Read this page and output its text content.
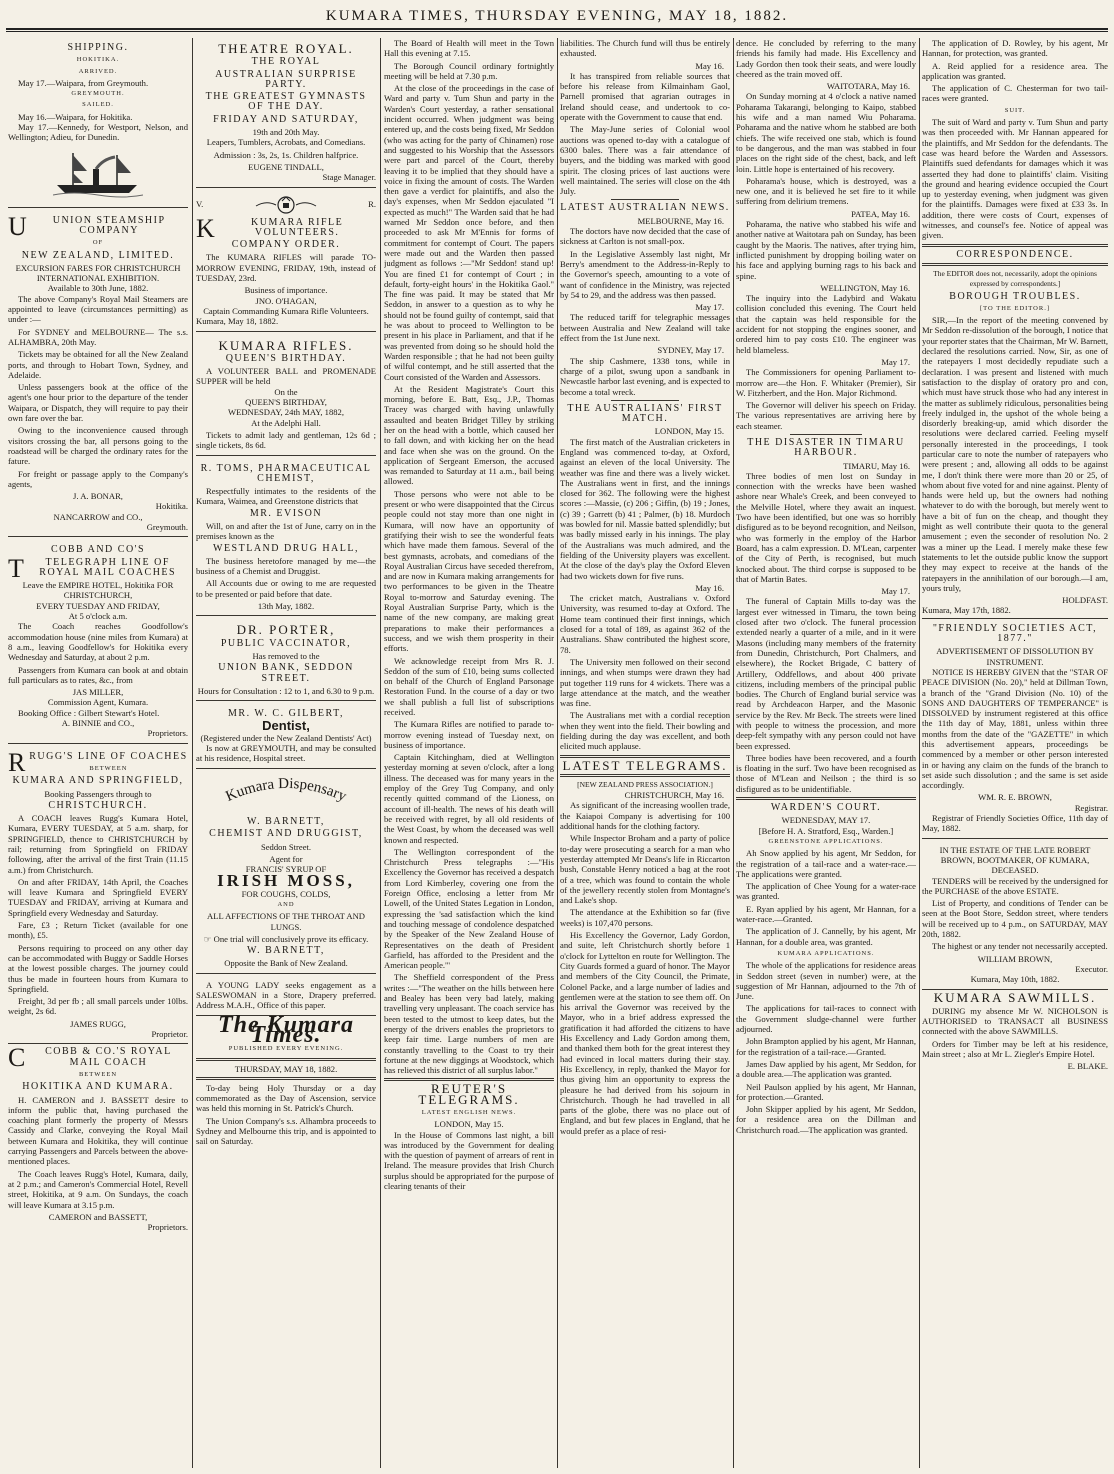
KUMARA TIMES, THURSDAY EVENING, MAY 18, 1882.
SHIPPING.
HOKITIKA.
ARRIVED.
May 17.—Waipara, from Greymouth.
GREYMOUTH.
SAILED.
May 16.—Waipara, for Hokitika.
May 17.—Kennedy, for Westport, Nelson, and Wellington; Adieu, for Dunedin.
U UNION STEAMSHIP COMPANY
OF
NEW ZEALAND, LIMITED.
EXCURSION FARES FOR CHRISTCHURCH INTERNATIONAL EXHIBITION.
Available to 30th June, 1882.
The above Company's Royal Mail Steamers are appointed to leave (circumstances permitting) as under :—
For SYDNEY and MELBOURNE— The s.s. ALHAMBRA, 20th May.
Tickets may be obtained for all the New Zealand ports, and through to Hobart Town, Sydney, and Adelaide.
Unless passengers book at the office of the agent's one hour prior to the departure of the tender Waipara, or Dispatch, they will require to pay their own fare over the bar.
Owing to the inconvenience caused through visitors crossing the bar, all persons going to the roadstead will be charged the ordinary rates for the fature.
For freight or passage apply to the Company's agents,
J. A. BONAR,
Hokitika.
NANCARROW and CO.,
Greymouth.
COBB AND CO'S
T TELEGRAPH LINE OF ROYAL MAIL COACHES
Leave the EMPIRE HOTEL, Hokitika FOR CHRISTCHURCH,
EVERY TUESDAY AND FRIDAY,
At 5 o'clock a.m.
The Coach reaches Goodfollow's accommodation house (nine miles from Kumara) at 8 a.m., leaving Goodfellow's for Hokitika every Wednesday and Saturday, at about 2 p.m.
Passengers from Kumara can book at and obtain full particulars as to rates, &c., from
JAS MILLER,
Commission Agent, Kumara.
Booking Office : Gilbert Stewart's Hotel.
A. BINNIE and CO.,
Proprietors.
RRUGG'S LINE OF COACHES
BETWEEN
KUMARA AND SPRINGFIELD,
Booking Passengers through to
CHRISTCHURCH.
A COACH leaves Rugg's Kumara Hotel, Kumara, EVERY TUESDAY, at 5 a.m. sharp, for SPRINGFIELD, thence to CHRISTCHURCH by rail; returning from Springfield on FRIDAY following, after the arrival of the first Train (11.15 a.m.) from Christchurch.
On and after FRIDAY, 14th April, the Coaches will leave Kumara and Springfield EVERY TUESDAY and FRIDAY, arriving at Kumara and Springfield every Wednesday and Saturday.
Fare, £3 ; Return Ticket (available for one month), £5.
Persons requiring to proceed on any other day can be accommodated with Buggy or Saddle Horses at the lowest possible charges. The journey could thus be made in fourteen hours from Kumara to Springfield.
Freight, 3d per fb ; all small parcels under 10lbs. weight, 2s 6d.
JAMES RUGG,
Proprietor.
C COBB & CO.'S ROYAL MAIL COACH
BETWEEN
HOKITIKA AND KUMARA.
H. CAMERON and J. BASSETT desire to inform the public that, having purchased the coaching plant formerly the property of Messrs Cassidy and Clarke, conveying the Royal Mail between Kumara and Hokitika, they will continue carrying Passengers and Parcels between the above-mentioned places.
The Coach leaves Rugg's Hotel, Kumara, daily, at 2 p.m.; and Cameron's Commercial Hotel, Revell street, Hokitika, at 9 a.m. On Sundays, the coach will leave Kumara at 3.15 p.m.
CAMERON and BASSETT,
Proprietors.
THEATRE ROYAL.
THE ROYAL
AUSTRALIAN SURPRISE PARTY.
THE GREATEST GYMNASTS OF THE DAY.
FRIDAY AND SATURDAY,
19th and 20th May.
Leapers, Tumblers, Acrobats, and Comedians.
Admission : 3s, 2s, 1s. Children halfprice.
EUGENE TINDALL,
Stage Manager.
V.	R.
K	KUMARA RIFLE VOLUNTEERS.
COMPANY ORDER.
The KUMARA RIFLES will parade TO-MORROW EVENING, FRIDAY, 19th, instead of TUESDAY, 23rd.
Business of importance.
JNO. O'HAGAN,
Captain Commanding Kumara Rifle Volunteers.
Kumara, May 18, 1882.
KUMARA RIFLES.
QUEEN'S BIRTHDAY.
A VOLUNTEER BALL and PROMENADE SUPPER will be held
On the
QUEEN'S BIRTHDAY,
WEDNESDAY, 24th MAY, 1882,
At the Adelphi Hall.
Tickets to admit lady and gentleman, 12s 6d ; single tickets, 8s 6d.
R. TOMS, PHARMACEUTICAL CHEMIST,
Respectfully intimates to the residents of the Kumara, Waimea, and Greenstone districts that
MR. EVISON
Will, on and after the 1st of June, carry on in the premises known as the
WESTLAND DRUG HALL,
The business heretofore managed by me—the business of a Chemist and Druggist.
All Accounts due or owing to me are requested to be presented or paid before that date.
13th May, 1882.
DR. PORTER,
PUBLIC VACCINATOR,
Has removed to the
UNION BANK, SEDDON STREET.
Hours for Consultation : 12 to 1, and 6.30 to 9 p.m.
MR. W. C. GILBERT,
Dentist,
(Registered under the New Zealand Dentists' Act)
Is now at GREYMOUTH, and may be consulted at his residence, Hospital street.
Kumara Dispensary
W. BARNETT,
CHEMIST AND DRUGGIST,
Seddon Street.
Agent for
FRANCIS' SYRUP OF
IRISH MOSS,
FOR COUGHS, COLDS,
AND
ALL AFFECTIONS OF THE THROAT AND LUNGS.
☞ One trial will conclusively prove its efficacy.
W. BARNETT,
Opposite the Bank of New Zealand.
A YOUNG LADY seeks engagement as a SALESWOMAN in a Store, Drapery preferred. Address M.A.H., Office of this paper.
The Kumara Times.
PUBLISHED EVERY EVENING.
THURSDAY, MAY 18, 1882.
To-day being Holy Thursday or a day commemorated as the Day of Ascension, service was held this morning in St. Patrick's Church.
The Union Company's s.s. Alhambra proceeds to Sydney and Melbourne this trip, and is appointed to sail on Saturday.
The Board of Health will meet in the Town Hall this evening at 7.15.
The Borough Council ordinary fortnightly meeting will be held at 7.30 p.m.
At the close of the proceedings in the case of Ward and party v. Tum Shun and party in the Warden's Court yesterday, a rather sensational incident occurred. When judgment was being entered up, and the costs being fixed, Mr Seddon (who was acting for the party of Chinamen) rose and suggested to his Worship that the Assessors were part and parcel of the Court, thereby leaving it to be implied that they should have a voice in fixing the amount of costs. The Warden then gave a verdict for plaintiffs, and also the day's expenses, when Mr Seddon ejaculated "I expected as much!" The Warden said that he had warned Mr Seddon once before, and then proceeded to ask Mr M'Ennis for forms of commitment for contempt of Court. The papers were made out and the Warden then passed judgment as follows :—"Mr Seddon! stand up! You are fined £1 for contempt of Court ; in default, forty-eight hours' in the Hokitika Gaol." The fine was paid. It may be stated that Mr Seddon, in answer to a question as to why he should not be found guilty of contempt, said that he was about to proceed to Wellington to be present in his place in Parliament, and that if he was prevented from doing so he should hold the Warden responsible ; that he had not been guilty of wilful contempt, and he still asserted that the Court consisted of the Warden and Assessors.
At the Resident Magistrate's Court this morning, before E. Batt, Esq., J.P., Thomas Tracey was charged with having unlawfully assaulted and beaten Bridget Tilley by striking her on the head with a bottle, which caused her to fall down, and with kicking her on the head and face when she was on the ground. On the application of Sergeant Emerson, the accused was remanded to Saturday at 11 a.m., bail being allowed.
Those persons who were not able to be present or who were disappointed that the Circus people could not stay more than one night in Kumara, will now have an opportunity of gratifying their wish to see the wonderful feats which have made them famous. Several of the best gymnasts, acrobats, and comedians of the Royal Australian Circus have seceded therefrom, and are now in Kumara making arrangements for two performances to be given in the Theatre Royal to-morrow and Saturday evening. The Royal Australian Surprise Party, which is the name of the new company, are making great preparations to make their performances a success, and we wish them prosperity in their efforts.
We acknowledge receipt from Mrs R. J. Seddon of the sum of £10, being sums collected on behalf of the Church of England Parsonage Restoration Fund. In the course of a day or two we shall publish a full list of subscriptions received.
The Kumara Rifles are notified to parade to-morrow evening instead of Tuesday next, on business of importance.
Captain Kitchingham, died at Wellington yesterday morning at seven o'clock, after a long illness. The deceased was for many years in the employ of the Grey Tug Company, and only recently quitted command of the Lioness, on account of ill-health. The news of his death will be received with regret, by all old residents of the West Coast, by whom the deceased was well known and respected.
The Wellington correspondent of the Christchurch Press telegraphs :—"His Excellency the Governor has received a despatch from Lord Kimberley, covering one from the Foreign Office, enclosing a letter from Mr Lowell, of the United States Legation in London, expressing the 'sad satisfaction which the kind and touching message of condolence despatched by the Speaker of the New Zealand House of Representatives on the death of President Garfield, has afforded to the President and the American people.'"
The Sheffield correspondent of the Press writes :—"The weather on the hills between here and Bealey has been very bad lately, making travelling very unpleasant. The coach service has been tested to the utmost to keep dates, but the energy of the drivers enables the proprietors to keep fair time. Large numbers of men are constantly travelling to the Coast to try their fortune at the new diggings at Woodstock, which has relieved this district of all surplus labor."
REUTER'S TELEGRAMS.
LATEST ENGLISH NEWS.
LONDON, May 15.
In the House of Commons last night, a bill was introduced by the Government for dealing with the question of payment of arrears of rent in Ireland. The measure provides that Irish Church surplus should be appropriated for the purpose of clearing tenants of their
liabilities. The Church fund will thus be entirely exhausted.
May 16.
It has transpired from reliable sources that before his release from Kilmainham Gaol, Parnell promised that agrarian outrages in Ireland should cease, and undertook to co-operate with the Government to cause that end.
The May-June series of Colonial wool auctions was opened to-day with a catalogue of 6300 bales. There was a fair attendance of buyers, and the bidding was marked with good spirit. The closing prices of last auctions were well maintained. The series will close on the 4th July.
LATEST AUSTRALIAN NEWS.
MELBOURNE, May 16.
The doctors have now decided that the case of sickness at Carlton is not small-pox.
In the Legislative Assembly last night, Mr Berry's amendment to the Address-in-Reply to the Governor's speech, amounting to a vote of want of confidence in the Ministry, was rejected by 54 to 29, and the address was then passed.
May 17.
The reduced tariff for telegraphic messages between Australia and New Zealand will take effect from the 1st June next.
SYDNEY, May 17.
The ship Cashmere, 1338 tons, while in charge of a pilot, swung upon a sandbank in Newcastle harbor last evening, and is expected to become a total wreck.
THE AUSTRALIANS' FIRST MATCH.
LONDON, May 15.
The first match of the Australian cricketers in England was commenced to-day, at Oxford, against an eleven of the local University. The weather was fine and there was a lively wicket. The Australians went in first, and the innings closed for 362. The following were the highest scores :—Massie, (c) 206 ; Giffin, (b) 19 ; Jones, (c) 39 ; Garrett (b) 41 ; Palmer, (b) 18. Murdoch was bowled for nil. Massie batted splendidly; but was badly missed early in his innings. The play of the Australians was much admired, and the fielding of the University players was excellent. At the close of the day's play the Oxford Eleven had two wickets down for five runs.
May 16.
The cricket match, Australians v. Oxford University, was resumed to-day at Oxford. The Home team continued their first innings, which closed for a total of 189, as against 362 of the Australians. Shaw contributed the highest score, 78.
The University men followed on their second innings, and when stumps were drawn they had put together 119 runs for 4 wickets. There was a large attendance at the match, and the weather was fine.
The Australians met with a cordial reception when they went into the field. Their bowling and fielding during the day was excellent, and both elicited much applause.
LATEST TELEGRAMS.
[NEW ZEALAND PRESS ASSOCIATION.]
CHRISTCHURCH, May 16.
As significant of the increasing woollen trade, the Kaiapoi Company is advertising for 100 additional hands for the clothing factory.
While Inspector Broham and a party of police to-day were prosecuting a search for a man who yesterday attempted Mr Deans's life in Riccarton bush, Constable Henry noticed a bag at the root of a tree, which was found to contain the whole of the jewellery recently stolen from Montagne's and Lake's shop.
The attendance at the Exhibition so far (five weeks) is 107,470 persons.
His Excellency the Governor, Lady Gordon, and suite, left Christchurch shortly before 1 o'clock for Lyttelton en route for Wellington. The City Guards formed a guard of honor. The Mayor and members of the City Council, the Primate, Colonel Packe, and a large number of ladies and gentlemen were at the station to see them off. On his arrival the Governor was received by the Mayor, who in a brief address expressed the gratification it had afforded the citizens to have His Excellency and Lady Gordon among them, and thanked them both for the great interest they had evinced in local matters during their stay. His Excellency, in reply, thanked the Mayor for thus giving him an opportunity to express the pleasure he had derived from his sojourn in Christchurch. Though he had travelled in all parts of the globe, there was no place out of England, and but few places in England, that he would prefer as a place of resi-
dence. He concluded by referring to the many friends his family had made. His Excellency and Lady Gordon then took their seats, and were loudly cheered as the train moved off.
WAITOTARA, May 16.
On Sunday morning at 4 o'clock a native named Poharama Takarangi, belonging to Kaipo, stabbed his wife and a man named Wiu Poharama. Poharama and the native whom he stabbed are both chiefs. The wife received one stab, which is found to be dangerous, and the man was stabbed in four places on the right side of the chest, back, and left loin. Little hope is entertained of his recovery.
Poharama's house, which is destroyed, was a new one, and it is believed he set fire to it while suffering from delirium tremens.
PATEA, May 16.
Poharama, the native who stabbed his wife and another native at Waitotara pah on Sunday, has been caught by the Maoris. The natives, after trying him, inflicted punishment by dropping boiling water on his face and applying burning rags to his back and spine.
WELLINGTON, May 16.
The inquiry into the Ladybird and Wakatu collision concluded this evening. The Court held that the captain was held responsible for the accident for not stopping the engines sooner, and ordered him to pay costs £10. The engineer was held blameless.
May 17.
The Commissioners for opening Parliament to-morrow are—the Hon. F. Whitaker (Premier), Sir W. Fitzherbert, and the Hon. Major Richmond.
The Governor will deliver his speech on Friday. The various representatives are arriving here by each steamer.
THE DISASTER IN TIMARU HARBOUR.
TIMARU, May 16.
Three bodies of men lost on Sunday in connection with the wrecks have been washed ashore near Whale's Creek, and been conveyed to the Melville Hotel, where they await an inquest. Two have been identified, but one was so horribly disfigured as to be beyond recognition, and Neilson, who was formerly in the employ of the Harbor Board, has a calm expression. D. M'Lean, carpenter of the City of Perth, is recognised, but much knocked about. The third corpse is supposed to be that of Martin Bates.
May 17.
The funeral of Captain Mills to-day was the largest ever witnessed in Timaru, the town being closed after two o'clock. The funeral procession extended nearly a quarter of a mile, and in it were Masons (including many members of the fraternity from Dunedin, Christchurch, Port Chalmers, and elsewhere), the Rocket Brigade, C battery of Artillery, Oddfellows, and about 400 private citizens, including members of the principal public bodies. The Church of England burial service was read by Archdeacon Harper, and the Masonic service by the Rev. Mr Beck. The streets were lined with people to witness the procession, and more deep-felt sympathy with any person could not have been expressed.
Three bodies have been recovered, and a fourth is floating in the surf. Two have been recognised as those of M'Lean and Neilson ; the third is so disfigured as to be unidentifiable.
WARDEN'S COURT.
WEDNESDAY, MAY 17.
[Before H. A. Stratford, Esq., Warden.]
GREENSTONE APPLICATIONS.
Ah Snow applied by his agent, Mr Seddon, for the registration of a tail-race and a water-race.—The applications were granted.
The application of Chee Young for a water-race was granted.
E. Ryan applied by his agent, Mr Hannan, for a water-race.—Granted.
The application of J. Cannelly, by his agent, Mr Hannan, for a double area, was granted.
KUMARA APPLICATIONS.
The whole of the applications for residence areas in Seddon street (seven in number) were, at the suggestion of Mr Hannan, adjourned to the 7th of June.
The applications for tail-races to connect with the Government sludge-channel were further adjourned.
John Brampton applied by his agent, Mr Hannan, for the registration of a tail-race.—Granted.
James Daw applied by his agent, Mr Seddon, for a double area.—The application was granted.
Neil Paulson applied by his agent, Mr Hannan, for protection.—Granted.
John Skipper applied by his agent, Mr Seddon, for a residence area on the Dillman and Christchurch road.—The application was granted.
The application of D. Rowley, by his agent, Mr Hannan, for protection, was granted.
A. Reid applied for a residence area. The application was granted.
The application of C. Chesterman for two tail-races were granted.
SUIT.
The suit of Ward and party v. Tum Shun and party was then proceeded with. Mr Hannan appeared for the plaintiffs, and Mr Seddon for the defendants. The case was heard before the Warden and Assessors. Plaintiffs sued defendants for damages which it was asserted they had done to plaintiffs' claim. Visiting the ground and hearing evidence occupied the Court up to yesterday evening, when judgment was given for the plaintiffs. Damages were fixed at £33 3s. In addition, there were costs of Court, expenses of witnesses, and counsel's fee. Notice of appeal was given.
CORRESPONDENCE.
The EDITOR does not, necessarily, adopt the opinions expressed by correspondents.]
BOROUGH TROUBLES.
[TO THE EDITOR.]
SIR,—In the report of the meeting convened by Mr Seddon re-dissolution of the borough, I notice that your reporter states that the Chairman, Mr W. Barnett, declared the resolutions carried. Now, Sir, as one of the ratepayers I most decidedly repudiate such a declaration. I was present and listened with much satisfaction to the display of oratory pro and con, which must have struck those who had any interest in the matter as sublimely ridiculous, personalities being freely indulged in, the upshot of the whole being a disorderly breaking-up, amid which disorder the resolutions were declared carried. Feeling myself personally interested in the proceedings, I took particular care to note the number of ratepayers who were present ; and, allowing all odds to be against me, I don't think there were more than 20 or 25, of whom about five voted for and nine against. Plenty of hands were held up, but the owners had nothing whatever to do with the borough, but merely went to have a bit of fun on the cheap, and thought they might as well contribute their quota to the general amusement ; even the seconder of resolution No. 2 was a miner up the Lead. I merely make these few statements to let the outside public know the support they may expect to receive at the hands of the ratepayers in the annihilation of our borough.—I am, yours truly,
HOLDFAST.
Kumara, May 17th, 1882.
"FRIENDLY SOCIETIES ACT, 1877."
ADVERTISEMENT OF DISSOLUTION BY INSTRUMENT.
NOTICE IS HEREBY GIVEN that the "STAR OF PEACE DIVISION (No. 20)," held at Dillman Town, a branch of the "Grand Division (No. 10) of the SONS AND DAUGHTERS OF TEMPERANCE" is DISSOLVED by instrument registered at this office the 11th day of May, 1881, unless within three months from the date of the "GAZETTE" in which this advertisement appears, proceedings be commenced by a member or other person interested in or having any claim on the funds of the branch to set aside such dissolution ; and the same is set aside accordingly.
WM. R. E. BROWN,
Registrar.
Registrar of Friendly Societies Office, 11th day of May, 1882.
IN THE ESTATE OF THE LATE ROBERT BROWN, BOOTMAKER, OF KUMARA, DECEASED.
TENDERS will be received by the undersigned for the PURCHASE of the above ESTATE.
List of Property, and conditions of Tender can be seen at the Boot Store, Seddon street, where tenders will be received up to 4 p.m., on SATURDAY, MAY 20th, 1882.
The highest or any tender not necessarily accepted.
WILLIAM BROWN,
Executor.
Kumara, May 10th, 1882.
KUMARA SAWMILLS.
DURING my absence Mr W. NICHOLSON is AUTHORISED to TRANSACT all BUSINESS connected with the above SAWMILLS.
Orders for Timber may be left at his residence, Main street ; also at Mr L. Ziegler's Empire Hotel.
E. BLAKE.
